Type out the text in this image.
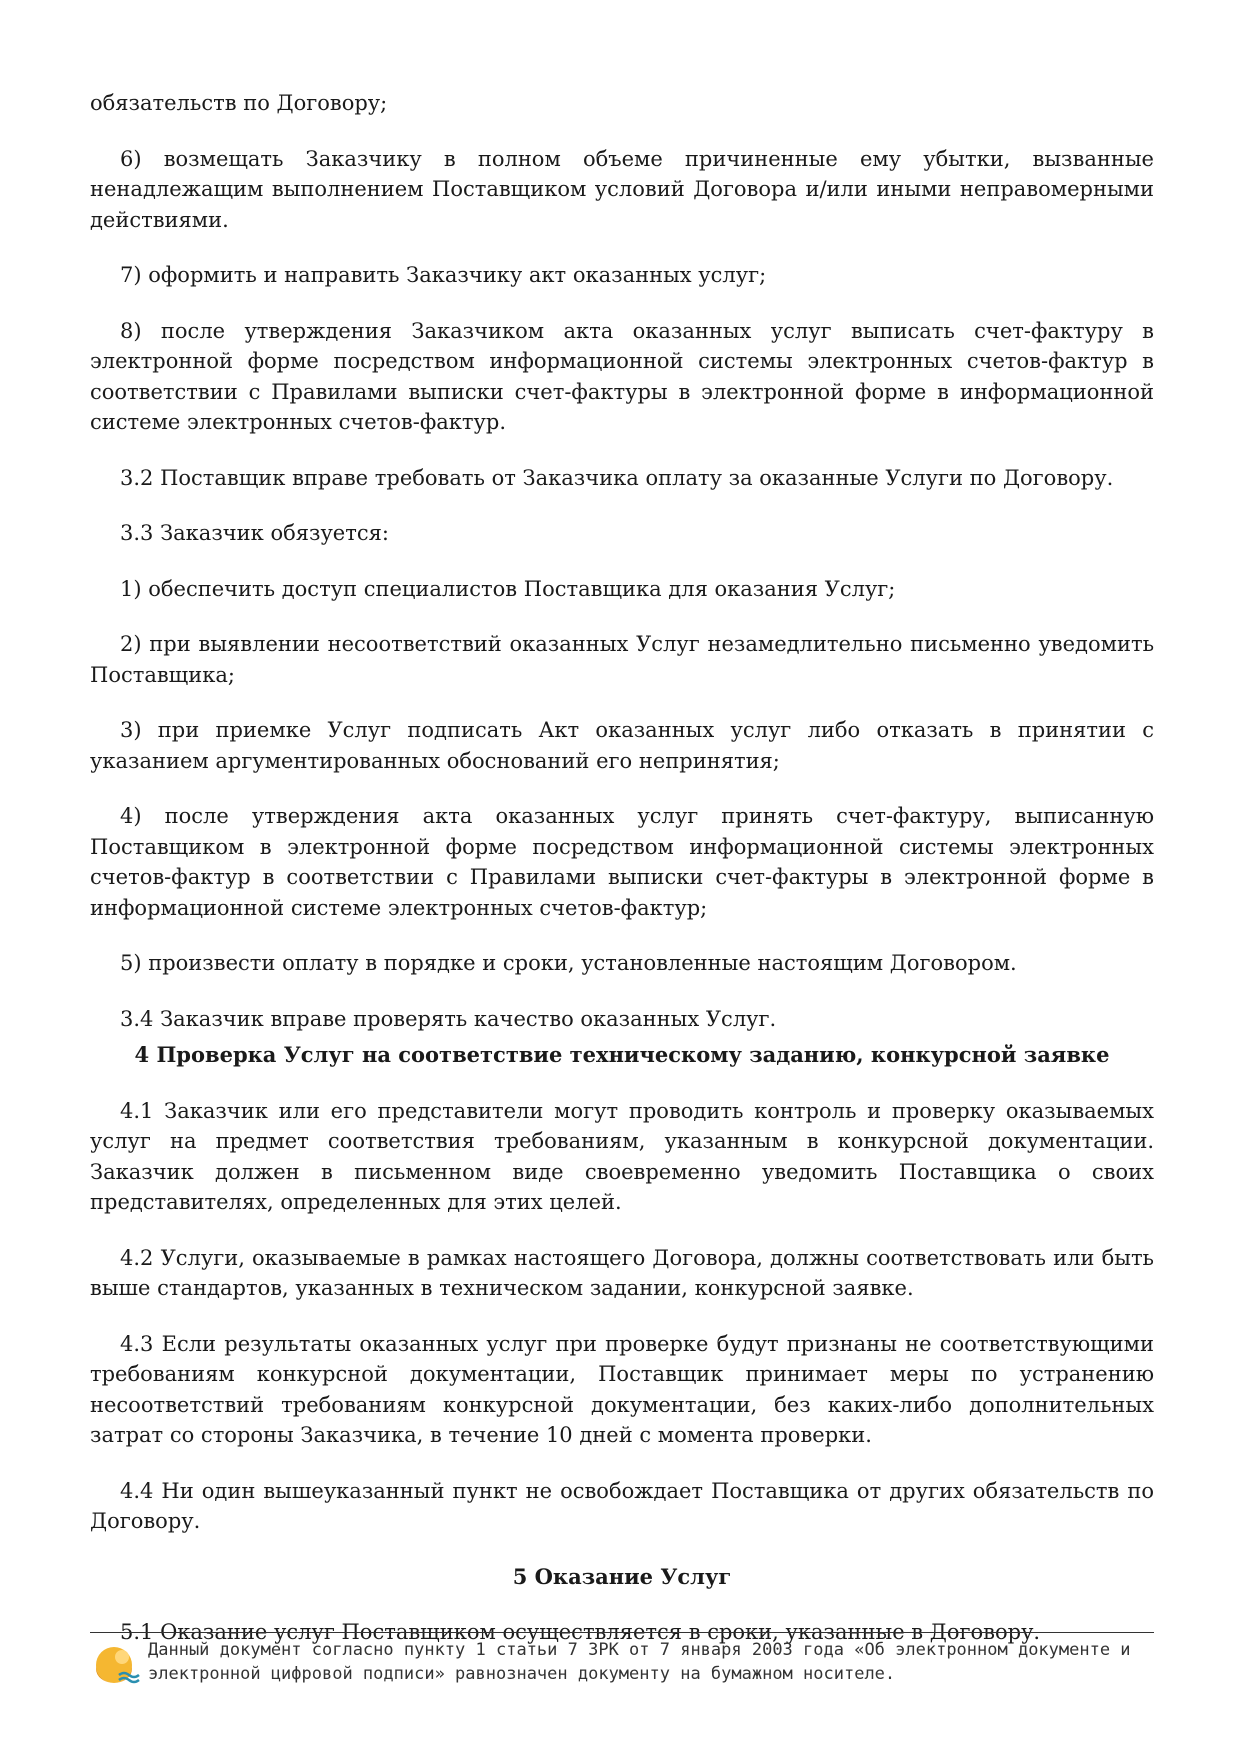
обязательств по Договору;

6) возмещать Заказчику в полном объеме причиненные ему убытки, вызванные ненадлежащим выполнением Поставщиком условий Договора и/или иными неправомерными действиями.

7) оформить и направить Заказчику акт оказанных услуг;

8) после утверждения Заказчиком акта оказанных услуг выписать счет-фактуру в электронной форме посредством информационной системы электронных счетов-фактур в соответствии с Правилами выписки счет-фактуры в электронной форме в информационной системе электронных счетов-фактур.

3.2 Поставщик вправе требовать от Заказчика оплату за оказанные Услуги по Договору.

3.3 Заказчик обязуется:

1) обеспечить доступ специалистов Поставщика для оказания Услуг;

2) при выявлении несоответствий оказанных Услуг незамедлительно письменно уведомить Поставщика;

3) при приемке Услуг подписать Акт оказанных услуг либо отказать в принятии с указанием аргументированных обоснований его непринятия;

4) после утверждения акта оказанных услуг принять счет-фактуру, выписанную Поставщиком в электронной форме посредством информационной системы электронных счетов-фактур в соответствии с Правилами выписки счет-фактуры в электронной форме в информационной системе электронных счетов-фактур;

5) произвести оплату в порядке и сроки, установленные настоящим Договором.

3.4 Заказчик вправе проверять качество оказанных Услуг.

4 Проверка Услуг на соответствие техническому заданию, конкурсной заявке

4.1 Заказчик или его представители могут проводить контроль и проверку оказываемых услуг на предмет соответствия требованиям, указанным в конкурсной документации. Заказчик должен в письменном виде своевременно уведомить Поставщика о своих представителях, определенных для этих целей.

4.2 Услуги, оказываемые в рамках настоящего Договора, должны соответствовать или быть выше стандартов, указанных в техническом задании, конкурсной заявке.

4.3 Если результаты оказанных услуг при проверке будут признаны не соответствующими требованиям конкурсной документации, Поставщик принимает меры по устранению несоответствий требованиям конкурсной документации, без каких-либо дополнительных затрат со стороны Заказчика, в течение 10 дней с момента проверки.

4.4 Ни один вышеуказанный пункт не освобождает Поставщика от других обязательств по Договору.

5 Оказание Услуг

5.1 Оказание услуг Поставщиком осуществляется в сроки, указанные в Договору.

Данный документ согласно пункту 1 статьи 7 ЗРК от 7 января 2003 года «Об электронном документе и
электронной цифровой подписи» равнозначен документу на бумажном носителе.
